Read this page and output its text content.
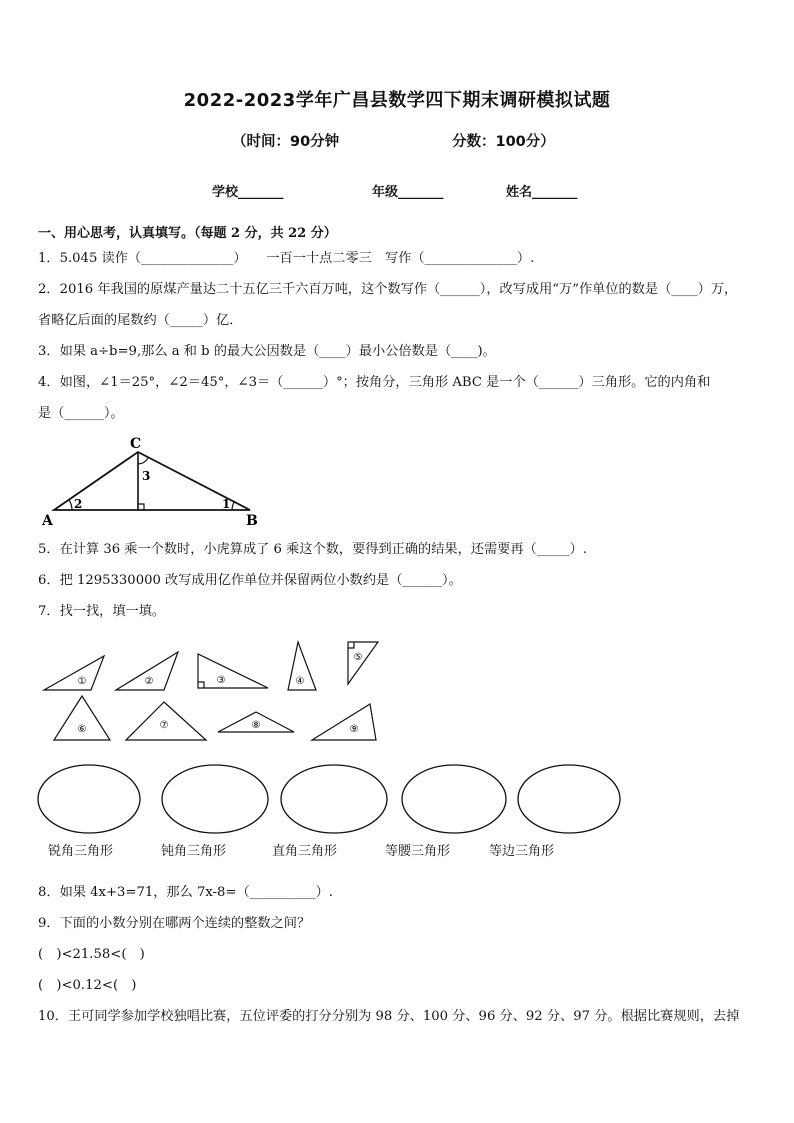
2022-2023学年广昌县数学四下期末调研模拟试题
（时间：90分钟	分数：100分）
学校_______	年级_______	姓名_______
一、用心思考，认真填写。（每题 2 分，共 22 分）
1．5.045 读作（______________）　　一百一十点二零三　写作（______________）.
2．2016 年我国的原煤产量达二十五亿三千六百万吨，这个数写作（______），改写成用“万”作单位的数是（____）万，
省略亿后面的尾数约（_____）亿．
3．如果 a÷b=9,那么 a 和 b 的最大公因数是（____）最小公倍数是（____)。
4．如图，∠1＝25°，∠2＝45°，∠3＝（______）°；按角分，三角形 ABC 是一个（______）三角形。它的内角和
是（______）。
C
A	B
2	1
3
5．在计算 36 乘一个数时，小虎算成了 6 乘这个数，要得到正确的结果，还需要再（_____）.
6．把 1295330000 改写成用亿作单位并保留两位小数约是（______）。
7．找一找，填一填。
①	②	③	④
⑤
⑥	⑦	⑧	⑨
锐角三角形	钝角三角形	直角三角形	等腰三角形	等边三角形
8．如果 4x+3=71，那么 7x-8=（__________）.
9．下面的小数分别在哪两个连续的整数之间？
(　)<21.58<(　)
(　)<0.12<(　)
10．王可同学参加学校独唱比赛，五位评委的打分分别为 98 分、100 分、96 分、92 分、97 分。根据比赛规则，去掉
